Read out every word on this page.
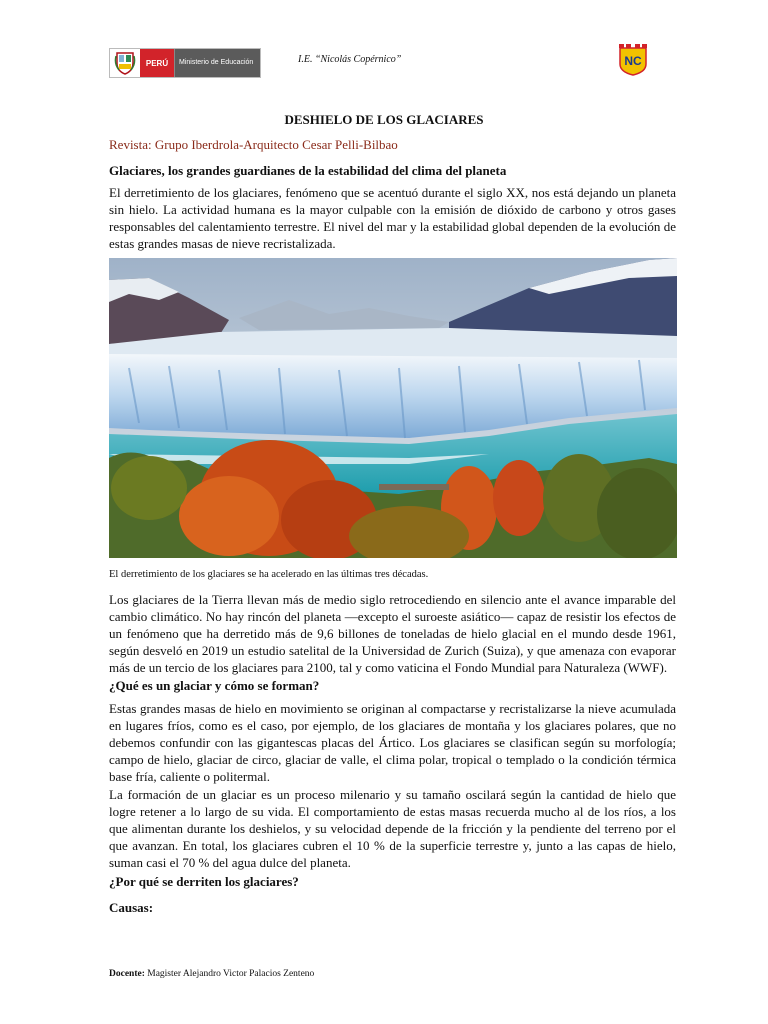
PERÚ	Ministerio de Educación	I.E. “Nicolás Copérnico”	NC
DESHIELO DE LOS GLACIARES
Revista: Grupo Iberdrola-Arquitecto Cesar Pelli-Bilbao
Glaciares, los grandes guardianes de la estabilidad del clima del planeta

El derretimiento de los glaciares, fenómeno que se acentuó durante el siglo XX, nos está dejando un planeta sin hielo. La actividad humana es la mayor culpable con la emisión de dióxido de carbono y otros gases responsables del calentamiento terrestre. El nivel del mar y la estabilidad global dependen de la evolución de estas grandes masas de nieve recristalizada.

El derretimiento de los glaciares se ha acelerado en las últimas tres décadas.

Los glaciares de la Tierra llevan más de medio siglo retrocediendo en silencio ante el avance imparable del cambio climático. No hay rincón del planeta —excepto el suroeste asiático— capaz de resistir los efectos de un fenómeno que ha derretido más de 9,6 billones de toneladas de hielo glacial en el mundo desde 1961, según desveló en 2019 un estudio satelital de la Universidad de Zurich (Suiza), y que amenaza con evaporar más de un tercio de los glaciares para 2100, tal y como vaticina el Fondo Mundial para Naturaleza (WWF).

¿Qué es un glaciar y cómo se forman?

Estas grandes masas de hielo en movimiento se originan al compactarse y recristalizarse la nieve acumulada en lugares fríos, como es el caso, por ejemplo, de los glaciares de montaña y los glaciares polares, que no debemos confundir con las gigantescas placas del Ártico. Los glaciares se clasifican según su morfología; campo de hielo, glaciar de circo, glaciar de valle, el clima polar, tropical o templado o la condición térmica base fría, caliente o politermal.

La formación de un glaciar es un proceso milenario y su tamaño oscilará según la cantidad de hielo que logre retener a lo largo de su vida. El comportamiento de estas masas recuerda mucho al de los ríos, a los que alimentan durante los deshielos, y su velocidad depende de la fricción y la pendiente del terreno por el que avanzan. En total, los glaciares cubren el 10 % de la superficie terrestre y, junto a las capas de hielo, suman casi el 70 % del agua dulce del planeta.

¿Por qué se derriten los glaciares?
Causas:
Docente: Magister Alejandro Victor Palacios Zenteno
